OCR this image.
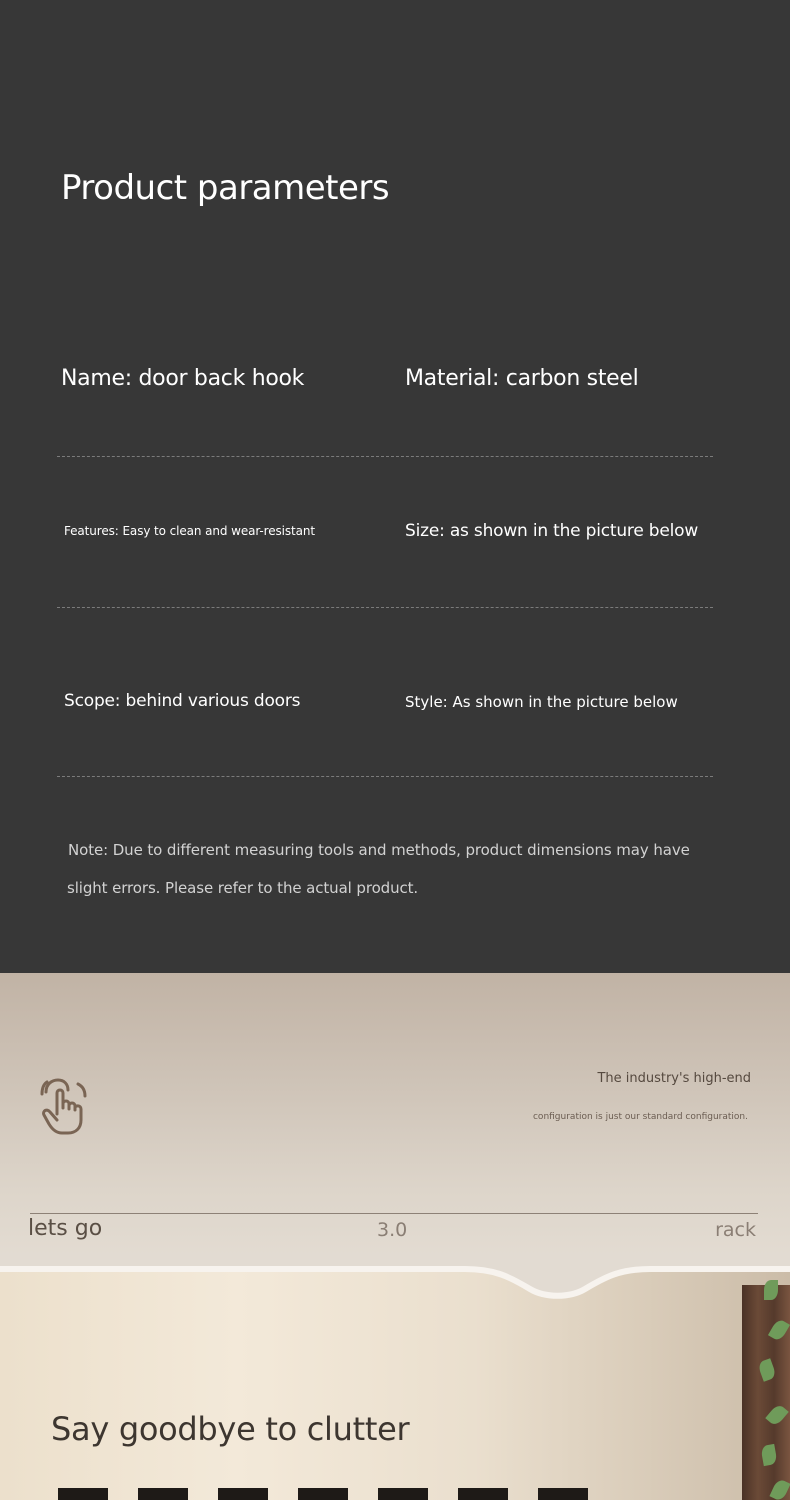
Product parameters
Name: door back hook	Material: carbon steel
Features: Easy to clean and wear-resistant	Size: as shown in the picture below
Scope: behind various doors	Style: As shown in the picture below
Note: Due to different measuring tools and methods, product dimensions may have
slight errors. Please refer to the actual product.
The industry's high-end
configuration is just our standard configuration.
lets go	3.0	rack
Say goodbye to clutter
